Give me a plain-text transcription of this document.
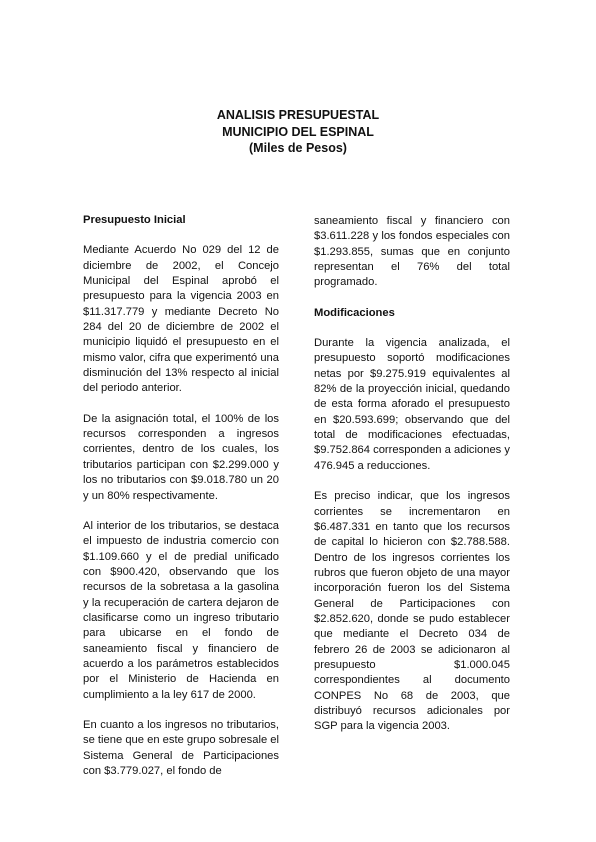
ANALISIS PRESUPUESTAL
MUNICIPIO DEL ESPINAL
(Miles de Pesos)
Presupuesto Inicial

Mediante Acuerdo No 029 del 12 de diciembre de 2002, el Concejo Municipal del Espinal aprobó el presupuesto para la vigencia 2003 en $11.317.779 y mediante Decreto No 284 del 20 de diciembre de 2002 el municipio liquidó el presupuesto en el mismo valor, cifra que experimentó una disminución del 13% respecto al inicial del periodo anterior.

De la asignación total, el 100% de los recursos corresponden a ingresos corrientes, dentro de los cuales, los tributarios participan con $2.299.000 y los no tributarios con $9.018.780 un 20 y un 80% respectivamente.

Al interior de los tributarios, se destaca el impuesto de industria comercio con $1.109.660 y el de predial unificado con $900.420, observando que los recursos de la sobretasa a la gasolina y la recuperación de cartera dejaron de clasificarse como un ingreso tributario para ubicarse en el fondo de saneamiento fiscal y financiero de acuerdo a los parámetros establecidos por el Ministerio de Hacienda en cumplimiento a la ley 617 de 2000.

En cuanto a los ingresos no tributarios, se tiene que en este grupo sobresale el Sistema General de Participaciones con $3.779.027, el fondo de

saneamiento fiscal y financiero con $3.611.228 y los fondos especiales con $1.293.855, sumas que en conjunto representan el 76% del total programado.

Modificaciones

Durante la vigencia analizada, el presupuesto soportó modificaciones netas por $9.275.919 equivalentes al 82% de la proyección inicial, quedando de esta forma aforado el presupuesto en $20.593.699; observando que del total de modificaciones efectuadas, $9.752.864 corresponden a adiciones y 476.945 a reducciones.

Es preciso indicar, que los ingresos corrientes se incrementaron en $6.487.331 en tanto que los recursos de capital lo hicieron con $2.788.588. Dentro de los ingresos corrientes los rubros que fueron objeto de una mayor incorporación fueron los del Sistema General de Participaciones con $2.852.620, donde se pudo establecer que mediante el Decreto 034 de febrero 26 de 2003 se adicionaron al presupuesto $1.000.045 correspondientes al documento CONPES No 68 de 2003, que distribuyó recursos adicionales por SGP para la vigencia 2003.
